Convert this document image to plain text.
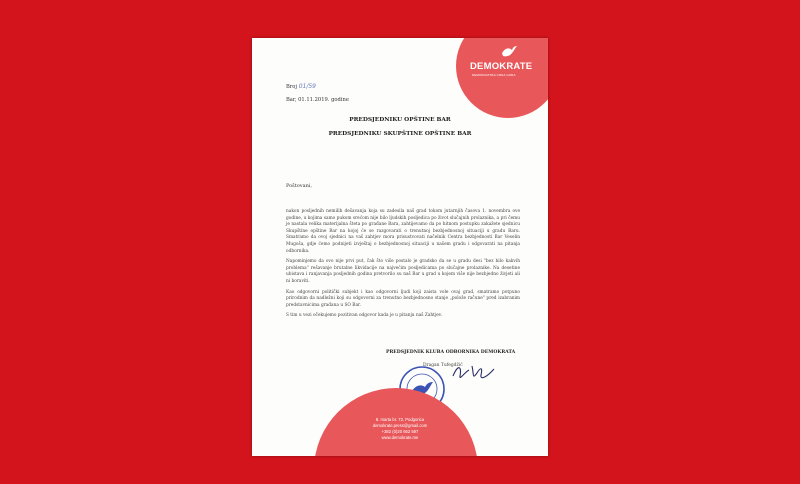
DEMOKRATE
DEMOKRATSKA CRNA GORA
Broj 01/59
Bar, 01.11.2019. godine
PREDSJEDNIKU OPŠTINE BAR
PREDSJEDNIKU SKUPŠTINE OPŠTINE BAR
Poštovani,

nakon posljednih nemilih dešavanja koja su zadesila naš grad tokom jutarnjih časova 1. novembra ove godine, u kojima samo pukom srećom nije bilo ljudskih posljedica po život slučajnih prolaznika, a pri čemu je nastala velika materijalna šteta po građane Bara, zahtijevamo da po hitnom postupku zakažete sjednicu Skupštine opštine Bar na kojoj će se razgovarati o trenutnoj bezbjednosnoj situaciji u gradu Baru. Smatramo da ovoj sjednici na vaš zahtjev mora prisustvovati načelnik Centra bezbjednosti Bar Veselin Mugoša, gdje ćemo podnijeti izvještaj o bezbjednosnoj situaciji u našem gradu i odgovarati na pitanja odbornika.

Napominjemo da ovo nije prvi put, čak što više postalo je gradsko da se u gradu desi "bez bilo kakvih problema" rešavanje brutalne likvidacije na najvećim posljedicama po slučajne prolaznike. Na desetine ubistava i ranjavanja posljednih godina pretvorilo su naš Bar u grad u kojem više nije bezbjedno živjeti ali ni boraviti.

Kao odgovorni politički subjekt i kao odgovorni ljudi koji zaista vole ovaj grad, smatramo potpuno prirodnim da nadležni koji su odgovorni za trenutno bezbjednosno stanje „polože račune" pred izabranim predstavnicima građana u SO Bar.

S tim u vezi očekujemo pozitivan odgovor kada je u pitanju naš Zahtjev.

PREDSJEDNIK KLUBA ODBORNIKA DEMOKRATA
Dragan Tufegdžić
8. marta br. 72, Podgorica
demokrate.press@gmail.com
+382 (0)20 662 597
www.demokrate.me
